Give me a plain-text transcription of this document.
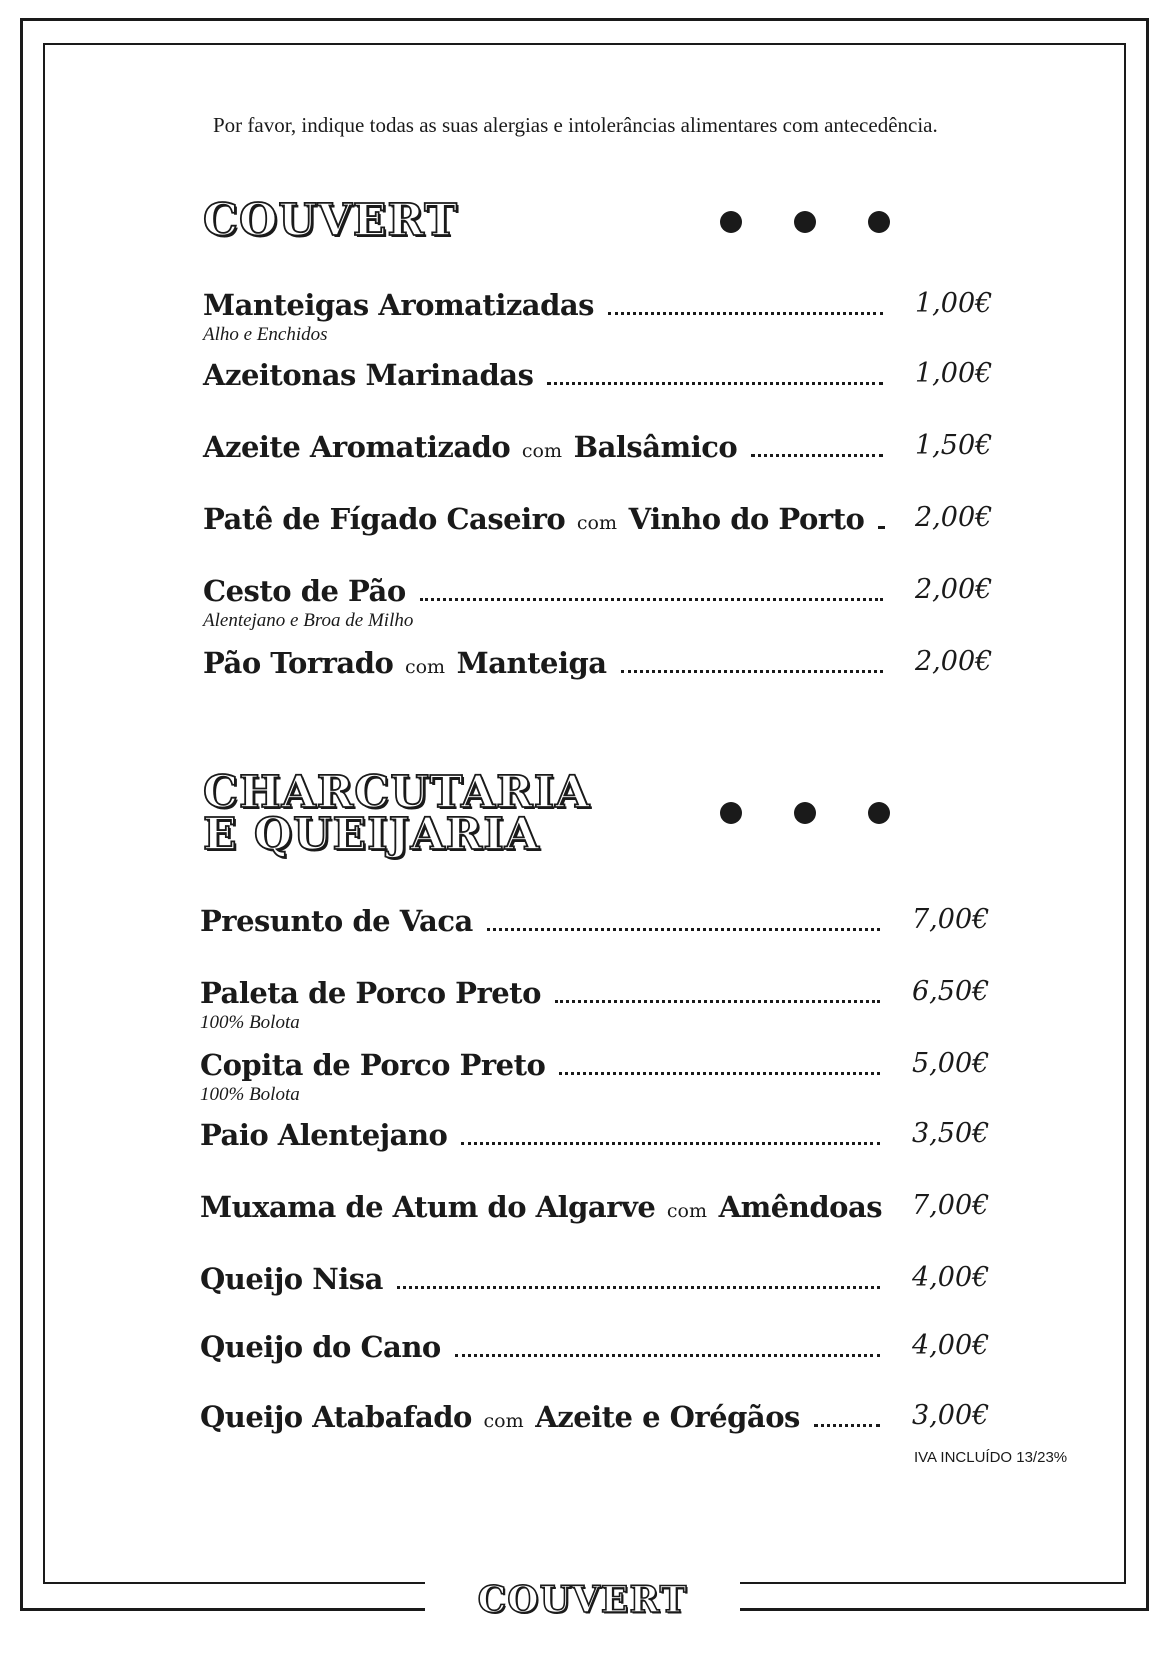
COUVERT
Por favor, indique todas as suas alergias e intolerâncias alimentares com antecedência.
COUVERT
Manteigas Aromatizadas	1,00€
Alho e Enchidos
Azeitonas Marinadas	1,00€
Azeite Aromatizado com Balsâmico	1,50€
Patê de Fígado Caseiro com Vinho do Porto 2,00€
Cesto de Pão	2,00€
Alentejano e Broa de Milho
Pão Torrado com Manteiga	2,00€
CHARCUTARIA
E QUEIJARIA
Presunto de Vaca	7,00€
Paleta de Porco Preto	6,50€
100% Bolota
Copita de Porco Preto	5,00€
100% Bolota
Paio Alentejano	3,50€
Muxama de Atum do Algarve com Amêndoas 7,00€
Queijo Nisa	4,00€
Queijo do Cano	4,00€
Queijo Atabafado com Azeite e Orégãos	3,00€
IVA INCLUÍDO 13/23%
